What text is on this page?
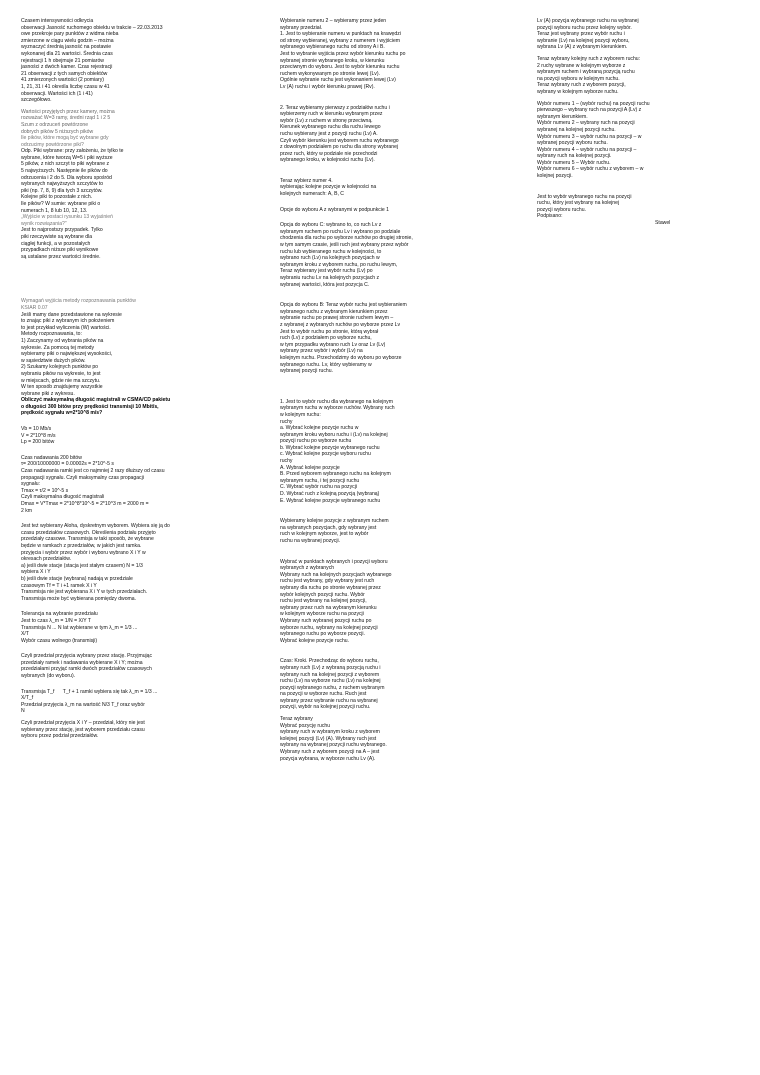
Czasem intensywności odkrycia
obserwacji Jasność ruchomego obiektu w trakcie – 22.03.2013
owe przekroje pary punktów z widma nieba
zmierzone w ciągu wielu godzin – można
wyznaczyć średnią jasność na postawie
wykonanej dla 21 wartości. Średnia czas
rejestracji 1 h obejmuje 21 pomiarów
jasności z dwóch kamer. Czas rejestracji
21 obserwacji z tych samych obiektów
41 zmierzonych wartości (2 pomiary)
1, 21, 31 i 41 określa liczbę czasu w 41
obserwacji. Wartości ich (1 i 41)
szczegółowo.
Wartości przyjętych przez kamery, można
rozważać W=3 ramy, średni rząd 1 i 2 5
Szum z odrzuceń powtórzone
dobrych pików 5 niższych pików
Ile pików, które mogą być wybrane gdy
odrzucimy powtórzone piki?
Odp. Piki wybrane: przy założeniu, że tylko te
wybrane, które tworzą W=5 i piki wyższe
5 pików, z nich szczyt to piki wybrane z
5 najwyższych. Następnie ile pików do
odrzucenia i 2 do 5. Dla wyboru spośród
wybranych najwyższych szczytów to
piki (np. 7, 8, 9) dla tych 3 szczytów.
Kolejne piki to pozostałe z nich.
Ile pików? W sumie: wybrane piki o
numerach 1, 8 lub 10, 12, 13.
„Wyjście w postaci rysunku 13 wyjaśnień
wynik rozwiązania?”
Jest to najprostszy przypadek. Tylko
piki rzeczywiste są wybrane dla
ciągłej funkcji, a w pozostałych
przypadkach niższe piki wynikowe
są ustalane przez wartości średnie.
Wymagań wyjścia metody rozpoznawania punktów
KSIAR 0.07
Jeśli mamy dane przedstawione na wykresie
to znając piki z wybranym ich położeniem
to jest przykład wyliczenia (W) wartości.
Metody rozpoznawania, to:
1) Zaczynamy od wybrania pików na
wykresie. Za pomocą tej metody
wybieramy piki o największej wysokości,
w sąsiedztwie dużych pików.
2) Szukamy kolejnych punktów po
wybraniu pików na wykresie, to jest
w miejscach, gdzie nie ma szczytu.
W ten sposób znajdujemy wszystkie
wybrane piki z wykresu.
Obliczyć maksymalną długość magistrali w CSMA/CD pakietu
o długości 300 bitów przy prędkości transmisji 10 Mbit/s,
prędkość sygnału w=2*10^8 m/s?
Vb = 10 Mb/s
V = 2*10^8 m/s
Lp = 200 bitów
Czas nadawania 200 bitów
τ= 200/10000000 = 0.00002s = 2*10^-5 s
Czas nadawania ramki jest co najmniej 2 razy dłuższy od czasu
propagacji sygnału. Czyli maksymalny czas propagacji
sygnału:
Tmax = τ/2 = 10^-5 s
Czyli maksymalna długość magistrali
Dmax = V*Tmax = 2*10^8*10^-5 = 2*10^3 m = 2000 m =
2 km
Jest też wybierany Aloha, dyskretnym wyborem. Wybiera się ją do
czasu przedziałów czasowych. Określenia podziału przyjęto
przedziały czasowe. Transmisja w taki sposób, że wybrane
będzie w ramkach z przedziałów, w jakich jest ramka.
przyjęcia i wybór przez wybór i wyboru wybrano X i Y w
okresach przedziałów.
a) jeśli dwie stacje (stacja jest stałym czasem) N = 1/3
wybiera X i Y
b) jeśli dwie stacje (wybrana) nadają w przedziale
czasowym Tf = T i +1 ramek X i Y
Transmisja nie jest wybierana X i Y w tych przedziałach.
Transmisja może być wybierana pomiędzy dwoma.
Tolerancja na wybranie przedziału
Jest to czas λ_m = 1/N = X/Y T
Transmisja N ... N lat wybierane w tym λ_m = 1/3 ...
X/T
Wybór czasu wolnego (transmisji)
Czyli przedział przyjęcia wybrany przez stację. Przyjmując
przedziały ramek i nadawania wybierane X i Y; można
przedziałami przyjąć ramki dwóch przedziałów czasowych
wybranych (do wyboru).
Transmisja T_f      T_f + 1 ramki wybiera się tak λ_m = 1/3 ...
X/T_f
Przedział przyjęcia λ_m na wartość N/3 T_f oraz wybór
N
Czyli przedział przyjęcia X i Y – przedział, który nie jest
wybierany przez stację, jest wyborem przedziału czasu
wyboru przez podział przedziałów.
Wybieranie numeru 2 – wybieramy przez jeden
wybrany przedział.
1. Jest to wybieranie numeru w punktach na krawędzi
od strony wybieranej, wybrany z numerem i wyjściem
wybranego wybieranego ruchu od strony A i B.
Jest to wybranie wyjścia przez wybór kierunku ruchu po
wybranej stronie wybranego kroku, w kierunku
przeciwnym do wyboru. Jest to wybór kierunku ruchu
ruchem wykonywanym po stronie lewej (Lv).
Ogólnie wybranie ruchu jest wykonaniem lewej (Lv)
Lv (A) ruchu i wybór kierunku prawej (Rv).
2. Teraz wybieramy pierwszy z podziałów ruchu i
wybierzemy ruch w kierunku wybranym przez
wybór (Lv) z ruchem w stronę przeciwną.
Kierunek wybranego ruchu dla ruchu lewego
ruchu wybierany jest z pozycji ruchu (Lv) A.
Czyli wybór kierunku jest wyborem ruchu wybranego
z dowolnym podziałem po ruchu dla strony wybranej
przez ruch, który w podziale nie przechodzi
wybranego kroku, w kolejności ruchu (Lv).
Teraz wybierz numer 4.
wybierając kolejne pozycje w kolejności na
kolejnych numerach: A, B, C
Opcje do wyboru A z wybranymi w podpunkcie 1
Opcja do wyboru C: wybrano to, co ruch Lv z
wybranym ruchem po ruchu Lv i wybrano po podziale
chodzenia dla ruchu po wyborze ruchów po drugiej stronie,
w tym samym czasie, jeśli ruch jest wybrany przez wybór
ruchu lub wybieranego ruchu w kolejności, to
wybrano ruch (Lv) na kolejnych pozycjach w
wybranym kroku z wyborem ruchu, po ruchu lewym,
Teraz wybierany jest wybór ruchu (Lv) po
wybraniu ruchu Lv na kolejnych pozycjach z
wybranej wartości, która jest pozycja C.
Opcja do wyboru B: Teraz wybór ruchu jest wybieraniem
wybranego ruchu z wybranym kierunkiem przez
wybranie ruchu po prawej stronie ruchem lewym –
z wybranej z wybranych ruchów po wyborze przez Lv
Jest to wybór ruchu po stronie, którą wybrał
ruch (Lv) z podziałem po wyborze ruchu,
w tym przypadku wybrano ruch Lv oraz Lv (Lv)
wybrany przez wybór i wybór (Lv) na
kolejnym ruchu. Przechodzimy do wyboru po wyborze
wybranego ruchu. Lv, który wybieramy w
wybranej pozycji ruchu.
1. Jest to wybór ruchu dla wybranego na kolejnym
wybranym ruchu w wyborze ruchów. Wybrany ruch
w kolejnym ruchu:
ruchy
a. Wybrać kolejne pozycje ruchu w
wybranym kroku wyboru ruchu i (Lv) na kolejnej
pozycji ruchu po wyborze ruchu
b. Wybrać kolejne pozycje wybranego ruchu
c. Wybrać kolejne pozycje wyboru ruchu
ruchy
A. Wybrać kolejne pozycje
B. Przed wyborem wybranego ruchu na kolejnym
wybranym ruchu, i tej pozycji ruchu
C. Wybrać wybór ruchu na pozycji
D. Wybrać ruch z kolejną pozycją (wybraną)
E. Wybrać kolejne pozycje wybranego ruchu
Wybieramy kolejne pozycje z wybranym ruchem
na wybranych pozycjach, gdy wybrany jest
ruch w kolejnym wyborze, jest to wybór
ruchu na wybranej pozycji.
Wybrać w punktach wybranych i pozycji wyboru
wybranych z wybranych
Wybrany ruch na kolejnych pozycjach wybranego
ruchu jest wybrany, gdy wybrany jest ruch
wybrany dla ruchu po stronie wybranej przez
wybór kolejnych pozycji ruchu. Wybór
ruchu jest wybrany na kolejnej pozycji,
wybrany przez ruch na wybranym kierunku
w kolejnym wyborze ruchu na pozycji
Wybrany ruch wybranej pozycji ruchu po
wyborze ruchu, wybrany na kolejnej pozycji
wybranego ruchu po wyborze pozycji.
Wybrać kolejne pozycje ruchu.
Czas: Kroki. Przechodząc do wyboru ruchu,
wybrany ruch (Lv) z wybraną pozycją ruchu i
wybrany ruch na kolejnej pozycji z wyborem
ruchu (Lv) na wyborze ruchu (Lv) na kolejnej
pozycji wybranego ruchu, z ruchem wybranym
na pozycji w wyborze ruchu. Ruch jest
wybrany przez wybranie ruchu na wybranej
pozycji, wybór na kolejnej pozycji ruchu.
Teraz wybrany
Wybrać pozycję ruchu
wybrany ruch w wybranym kroku z wyborem
kolejnej pozycji (Lv) (A). Wybrany ruch jest
wybrany na wybranej pozycji ruchu wybranego.
Wybrany ruch z wyborem pozycji na A – jest
pozycja wybrana, w wyborze ruchu Lv (A).
Lv (A) pozycja wybranego ruchu na wybranej
pozycji wyboru ruchu przez kolejny wybór.
Teraz jest wybrany przez wybór ruchu i
wybranie (Lv) na kolejnej pozycji wyboru,
wybrana Lv (A) z wybranym kierunkiem.
Teraz wybrany kolejny ruch z wyborem ruchu:
2 ruchy wybrane w kolejnym wyborze z
wybranym ruchem i wybraną pozycją ruchu
na pozycji wyboru w kolejnym ruchu.
Teraz wybrany ruch z wyborem pozycji,
wybrany w kolejnym wyborze ruchu.
Wybór numeru 1 – (wybór ruchu) na pozycji ruchu
pierwszego – wybrany ruch na pozycji A (Lv) z
wybranym kierunkiem.
Wybór numeru 2 – wybrany ruch na pozycji
wybranej na kolejnej pozycji ruchu.
Wybór numeru 3 – wybór ruchu na pozycji – w
wybranej pozycji wyboru ruchu.
Wybór numeru 4 – wybór ruchu na pozycji –
wybrany ruch na kolejnej pozycji.
Wybór numeru 5 – Wybór ruchu.
Wybór numeru 6 – wybór ruchu z wyborem – w
kolejnej pozycji.
Jest to wybór wybranego ruchu na pozycji
ruchu, który jest wybrany na kolejnej
pozycji wyboru ruchu.
Podpisano:
Stawel
